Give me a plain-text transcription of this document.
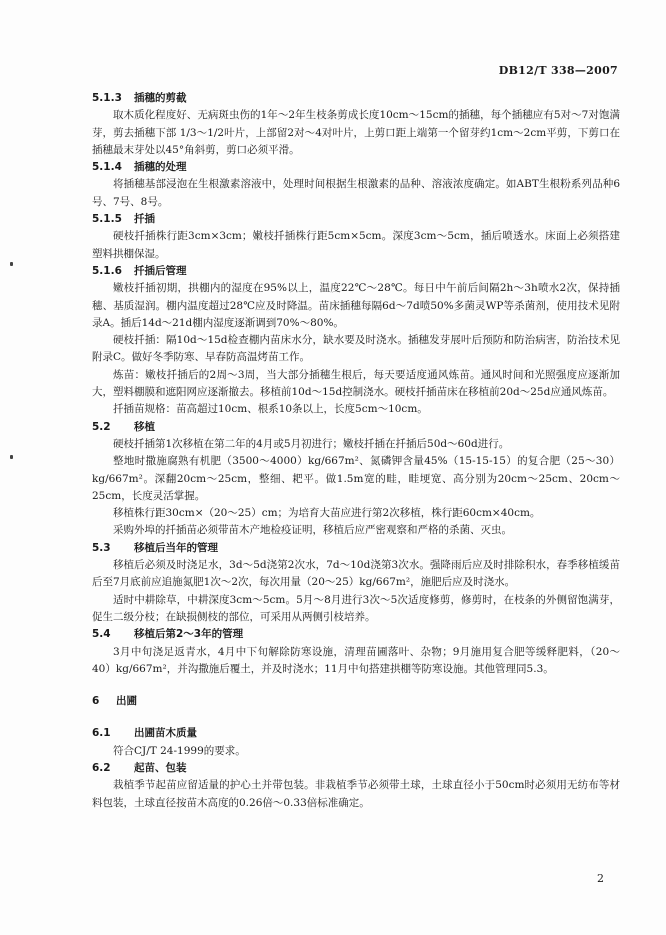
DB12/T 338—2007
5.1.3 插穗的剪截

取木质化程度好、无病斑虫伤的1年～2年生枝条剪成长度10cm～15cm的插穗，每个插穗应有5对～7对饱满芽，剪去插穗下部 1/3～1/2叶片，上部留2对～4对叶片，上剪口距上端第一个留芽约1cm～2cm平剪，下剪口在插穗最末芽处以45°角斜剪，剪口必须平滑。

5.1.4 插穗的处理

将插穗基部浸泡在生根激素溶液中，处理时间根据生根激素的品种、溶液浓度确定。如ABT生根粉系列品种6号、7号、8号。

5.1.5 扦插

硬枝扦插株行距3cm×3cm；嫩枝扦插株行距5cm×5cm。深度3cm～5cm，插后喷透水。床面上必须搭建塑料拱棚保湿。

5.1.6 扦插后管理

嫩枝扦插初期，拱棚内的湿度在95%以上，温度22℃～28℃。每日中午前后间隔2h～3h喷水2次，保持插穗、基质湿润。棚内温度超过28℃应及时降温。苗床插穗每隔6d～7d喷50%多菌灵WP等杀菌剂，使用技术见附录A。插后14d～21d棚内湿度逐渐调到70%～80%。

硬枝扦插：隔10d～15d检查棚内苗床水分，缺水要及时浇水。插穗发芽展叶后预防和防治病害，防治技术见附录C。做好冬季防寒、早春防高温烤苗工作。

炼苗：嫩枝扦插后的2周～3周，当大部分插穗生根后，每天要适度通风炼苗。通风时间和光照强度应逐渐加大，塑料棚膜和遮阳网应逐渐撤去。移植前10d～15d控制浇水。硬枝扦插苗床在移植前20d～25d应通风炼苗。

扦插苗规格：苗高超过10cm、根系10条以上，长度5cm～10cm。

5.2 移植

硬枝扦插第1次移植在第二年的4月或5月初进行；嫩枝扦插在扦插后50d～60d进行。

整地时撒施腐熟有机肥（3500～4000）kg/667m²、氮磷钾含量45%（15-15-15）的复合肥（25～30）kg/667m²。深翻20cm～25cm，整细、耙平。做1.5m宽的畦，畦埂宽、高分别为20cm～25cm、20cm～25cm，长度灵活掌握。

移植株行距30cm×（20～25）cm；为培育大苗应进行第2次移植，株行距60cm×40cm。

采购外埠的扦插苗必须带苗木产地检疫证明，移植后应严密观察和严格的杀菌、灭虫。

5.3 移植后当年的管理

移植后必须及时浇足水，3d～5d浇第2次水，7d～10d浇第3次水。强降雨后应及时排除积水，春季移植缓苗后至7月底前应追施氮肥1次～2次，每次用量（20～25）kg/667m²，施肥后应及时浇水。

适时中耕除草，中耕深度3cm～5cm。5月～8月进行3次～5次适度修剪，修剪时，在枝条的外侧留饱满芽，促生二级分枝；在缺损侧枝的部位，可采用从两侧引枝培养。

5.4 移植后第2～3年的管理

3月中旬浇足返青水，4月中下旬解除防寒设施，清理苗圃落叶、杂物；9月施用复合肥等缓释肥料，（20～40）kg/667m²，并沟撒施后覆土，并及时浇水；11月中旬搭建拱棚等防寒设施。其他管理同5.3。

6 出圃
6.1 出圃苗木质量

符合CJ/T 24-1999的要求。

6.2 起苗、包装

栽植季节起苗应留适量的护心土并带包装。非栽植季节必须带土球，土球直径小于50cm时必须用无纺布等材料包装，土球直径按苗木高度的0.26倍～0.33倍标准确定。

2
